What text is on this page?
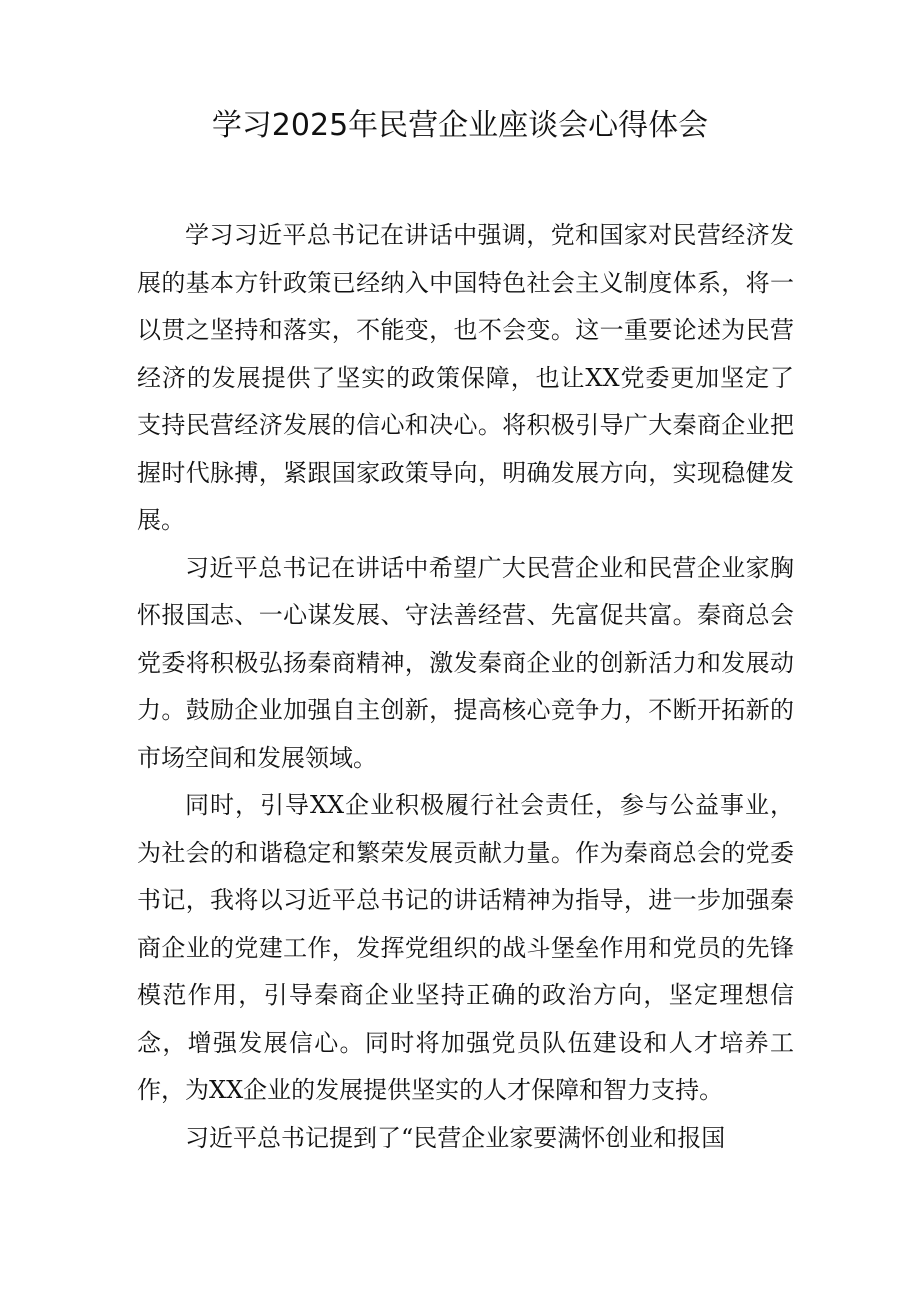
学习2025年民营企业座谈会心得体会

学习习近平总书记在讲话中强调，党和国家对民营经济发展的基本方针政策已经纳入中国特色社会主义制度体系，将一以贯之坚持和落实，不能变，也不会变。这一重要论述为民营经济的发展提供了坚实的政策保障，也让XX党委更加坚定了支持民营经济发展的信心和决心。将积极引导广大秦商企业把握时代脉搏，紧跟国家政策导向，明确发展方向，实现稳健发展。

习近平总书记在讲话中希望广大民营企业和民营企业家胸怀报国志、一心谋发展、守法善经营、先富促共富。秦商总会党委将积极弘扬秦商精神，激发秦商企业的创新活力和发展动力。鼓励企业加强自主创新，提高核心竞争力，不断开拓新的市场空间和发展领域。

同时，引导XX企业积极履行社会责任，参与公益事业，为社会的和谐稳定和繁荣发展贡献力量。作为秦商总会的党委书记，我将以习近平总书记的讲话精神为指导，进一步加强秦商企业的党建工作，发挥党组织的战斗堡垒作用和党员的先锋模范作用，引导秦商企业坚持正确的政治方向，坚定理想信念，增强发展信心。同时将加强党员队伍建设和人才培养工作，为XX企业的发展提供坚实的人才保障和智力支持。

习近平总书记提到了“民营企业家要满怀创业和报国
